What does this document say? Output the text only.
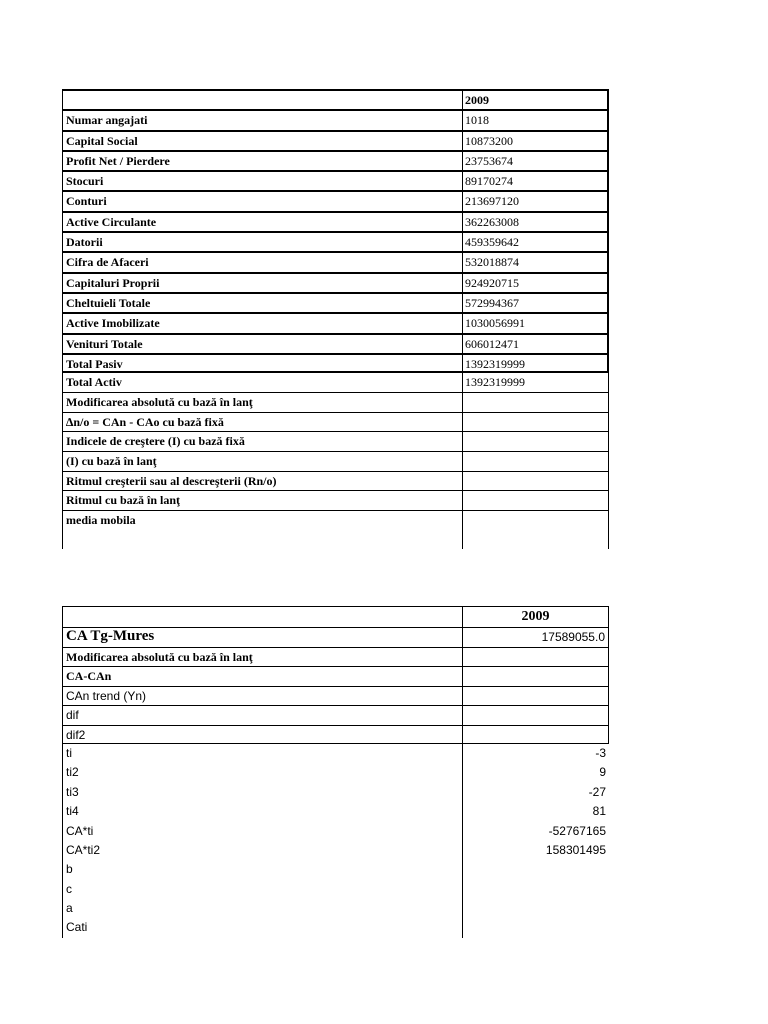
2009
Numar angajati	1018
Capital Social	10873200
Profit Net / Pierdere	23753674
Stocuri	89170274
Conturi	213697120
Active Circulante	362263008
Datorii	459359642
Cifra de Afaceri	532018874
Capitaluri Proprii	924920715
Cheltuieli Totale	572994367
Active Imobilizate	1030056991
Venituri Totale	606012471
Total Pasiv	1392319999
Total Activ	1392319999
Modificarea absolută cu bază în lanţ
∆n/o = CAn - CAo cu bază fixă
Indicele de creştere (I) cu bază fixă
(I) cu bază în lanţ
Ritmul creşterii sau al descreşterii (Rn/o)
Ritmul cu bază în lanţ
media mobila
2009
CA Tg-Mures	17589055.0
Modificarea absolută cu bază în lanţ
CA-CAn
CAn trend (Yn)
dif
dif2
ti	-3
ti2	9
ti3	-27
ti4	81
CA*ti	-52767165
CA*ti2	158301495
b
c
a
Cati
